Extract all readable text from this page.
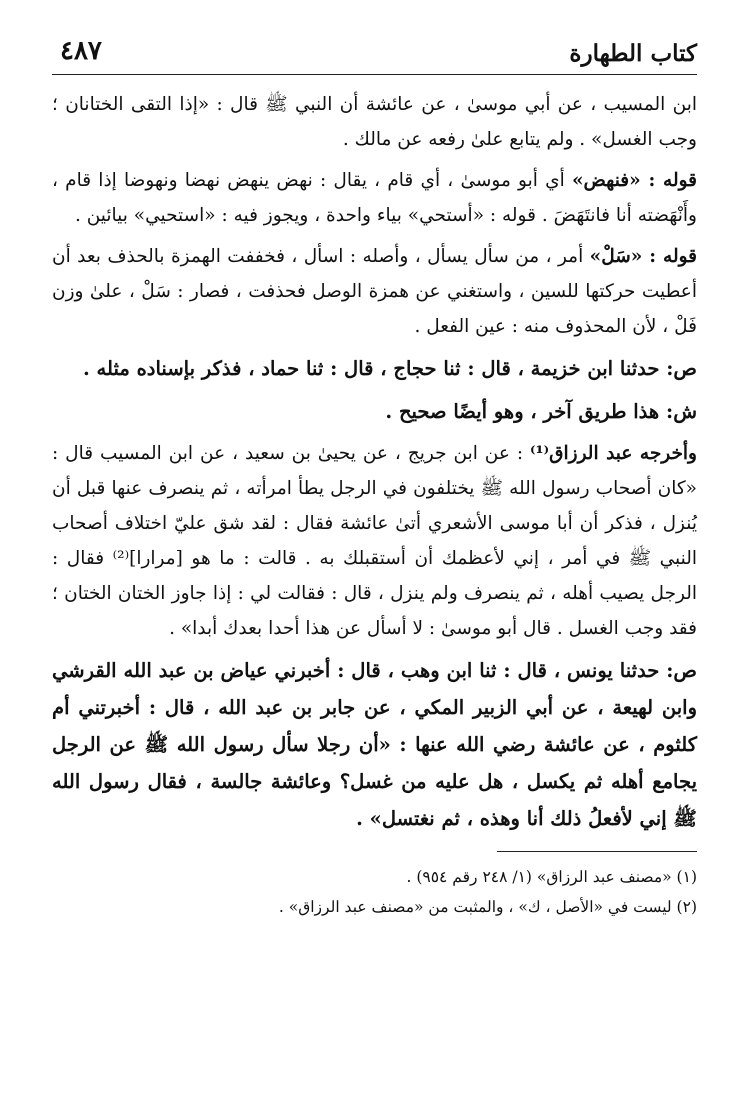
كتاب الطهارة
٤٨٧

ابن المسيب ، عن أبي موسىٰ ، عن عائشة أن النبي ﷺ قال : «إذا التقى الختانان ؛ وجب الغسل» . ولم يتابع علىٰ رفعه عن مالك .

قوله : «فنهض» أي أبو موسىٰ ، أي قام ، يقال : نهض ينهض نهضا ونهوضا إذا قام ، وأَنْهَضته أنا فانتَهَضَ . قوله : «أستحي» بياء واحدة ، ويجوز فيه : «استحيي» بيائين .

قوله : «سَلْ» أمر ، من سأل يسأل ، وأصله : اسأل ، فخففت الهمزة بالحذف بعد أن أعطيت حركتها للسين ، واستغني عن همزة الوصل فحذفت ، فصار : سَلْ ، علىٰ وزن فَلْ ، لأن المحذوف منه : عين الفعل .

ص: حدثنا ابن خزيمة ، قال : ثنا حجاج ، قال : ثنا حماد ، فذكر بإسناده مثله .

ش: هذا طريق آخر ، وهو أيضًا صحيح .

وأخرجه عبد الرزاق⁽¹⁾ : عن ابن جريج ، عن يحيىٰ بن سعيد ، عن ابن المسيب قال : «كان أصحاب رسول الله ﷺ يختلفون في الرجل يطأ امرأته ، ثم ينصرف عنها قبل أن يُنزل ، فذكر أن أبا موسى الأشعري أتىٰ عائشة فقال : لقد شق عليّ اختلاف أصحاب النبي ﷺ في أمر ، إني لأعظمك أن أستقبلك به . قالت : ما هو [مرارا]⁽²⁾ فقال : الرجل يصيب أهله ، ثم ينصرف ولم ينزل ، قال : فقالت لي : إذا جاوز الختان الختان ؛ فقد وجب الغسل . قال أبو موسىٰ : لا أسأل عن هذا أحدا بعدك أبدا» .

ص: حدثنا يونس ، قال : ثنا ابن وهب ، قال : أخبرني عياض بن عبد الله القرشي وابن لهيعة ، عن أبي الزبير المكي ، عن جابر بن عبد الله ، قال : أخبرتني أم كلثوم ، عن عائشة رضي الله عنها : «أن رجلا سأل رسول الله ﷺ عن الرجل يجامع أهله ثم يكسل ، هل عليه من غسل؟ وعائشة جالسة ، فقال رسول الله ﷺ إني لأفعلُ ذلك أنا وهذه ، ثم نغتسل» .

(١) «مصنف عبد الرزاق» (١/ ٢٤٨ رقم ٩٥٤) .

(٢) ليست في «الأصل ، ك» ، والمثبت من «مصنف عبد الرزاق» .
